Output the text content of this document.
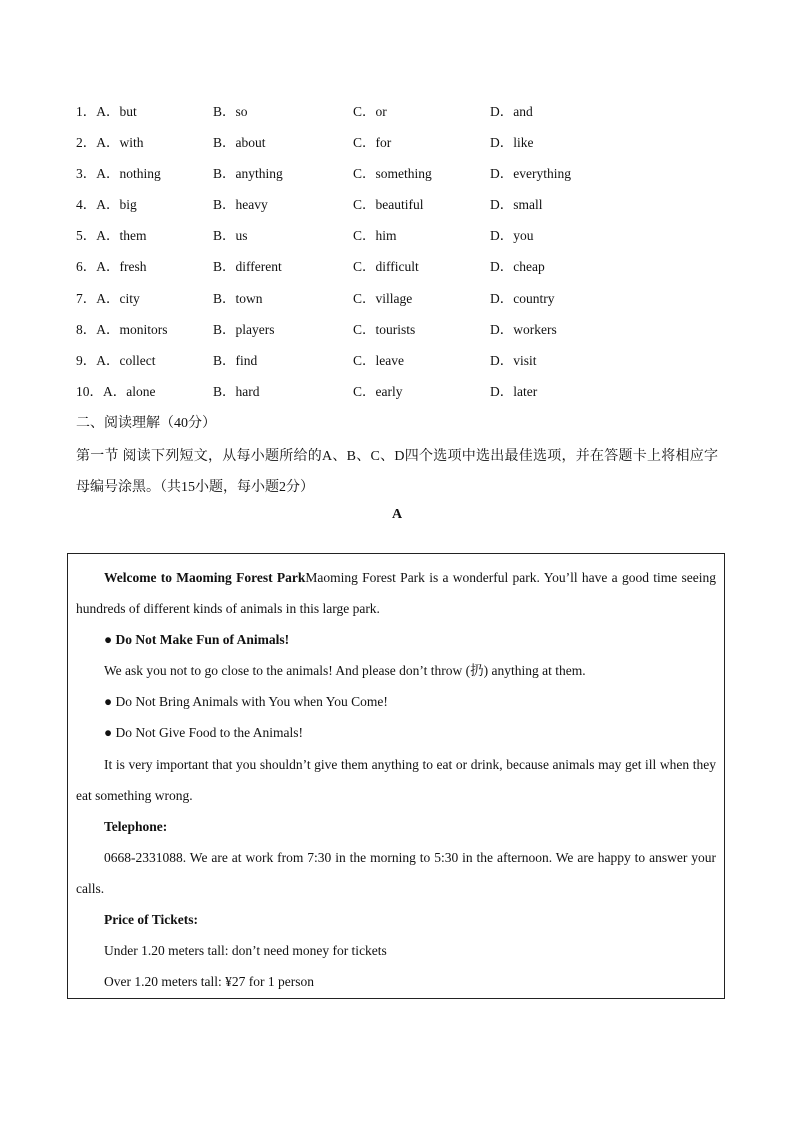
1．A．but	B．so	C．or	D．and
2．A．with	B．about	C．for	D．like
3．A．nothing	B．anything	C．something	D．everything
4．A．big	B．heavy	C．beautiful	D．small
5．A．them	B．us	C．him	D．you
6．A．fresh	B．different	C．difficult	D．cheap
7．A．city	B．town	C．village	D．country
8．A．monitors	B．players	C．tourists	D．workers
9．A．collect	B．find	C．leave	D．visit
10．A．alone	B．hard	C．early	D．later
二、阅读理解（40分）
第一节 阅读下列短文，从每小题所给的A、B、C、D四个选项中选出最佳选项，并在答题卡上将相应字母编号涂黑。（共15小题，每小题2分）
A
Welcome to Maoming Forest ParkMaoming Forest Park is a wonderful park. You’ll have a good time seeing hundreds of different kinds of animals in this large park.
● Do Not Make Fun of Animals!
We ask you not to go close to the animals! And please don’t throw (扔) anything at them.
● Do Not Bring Animals with You when You Come!
● Do Not Give Food to the Animals!
It is very important that you shouldn’t give them anything to eat or drink, because animals may get ill when they eat something wrong.
Telephone:
0668-2331088. We are at work from 7:30 in the morning to 5:30 in the afternoon. We are happy to answer your calls.
Price of Tickets:
Under 1.20 meters tall: don’t need money for tickets
Over 1.20 meters tall: ¥27 for 1 person
